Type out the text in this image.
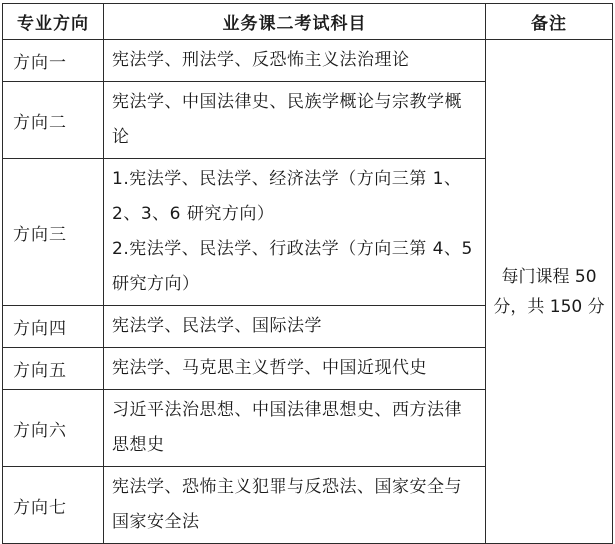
专业方向	业务课二考试科目	备注
方向一	宪法学、刑法学、反恐怖主义法治理论	每门课程 50 分，共 150 分
方向二	宪法学、中国法律史、民族学概论与宗教学概论	

方向三	1.宪法学、民法学、经济法学（方向三第 1、2、3、6 研究方向）
2.宪法学、民法学、行政法学（方向三第 4、5 研究方向）	

方向四	宪法学、民法学、国际法学	

方向五	宪法学、马克思主义哲学、中国近现代史	

方向六	习近平法治思想、中国法律思想史、西方法律思想史	

方向七	宪法学、恐怖主义犯罪与反恐法、国家安全与国家安全法	
